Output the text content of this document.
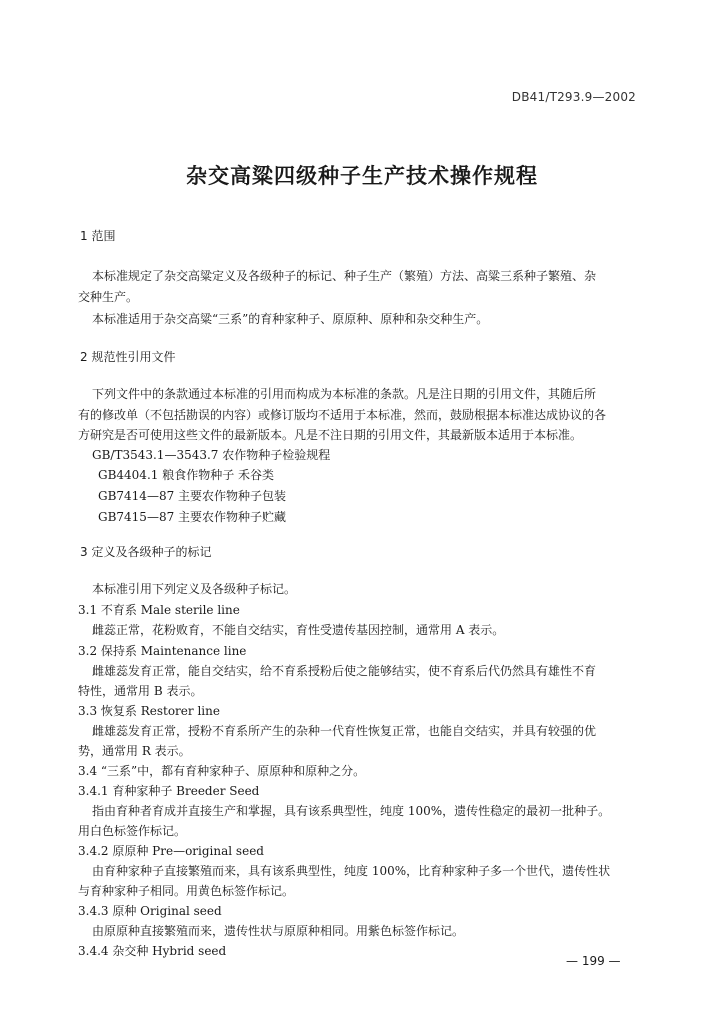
DB41/T293.9—2002
杂交高粱四级种子生产技术操作规程
1 范围
本标准规定了杂交高粱定义及各级种子的标记、种子生产（繁殖）方法、高粱三系种子繁殖、杂
交种生产。
本标准适用于杂交高粱“三系”的育种家种子、原原种、原种和杂交种生产。
2 规范性引用文件
下列文件中的条款通过本标准的引用而构成为本标准的条款。凡是注日期的引用文件，其随后所
有的修改单（不包括勘误的内容）或修订版均不适用于本标准，然而，鼓励根据本标准达成协议的各
方研究是否可使用这些文件的最新版本。凡是不注日期的引用文件，其最新版本适用于本标准。
GB/T3543.1—3543.7 农作物种子检验规程
GB4404.1 粮食作物种子 禾谷类
GB7414—87 主要农作物种子包装
GB7415—87 主要农作物种子贮藏
3 定义及各级种子的标记
本标准引用下列定义及各级种子标记。
3.1 不育系 Male sterile line
雌蕊正常，花粉败育，不能自交结实，育性受遗传基因控制，通常用 A 表示。
3.2 保持系 Maintenance line
雌雄蕊发育正常，能自交结实，给不育系授粉后使之能够结实，使不育系后代仍然具有雄性不育
特性，通常用 B 表示。
3.3 恢复系 Restorer line
雌雄蕊发育正常，授粉不育系所产生的杂种一代育性恢复正常，也能自交结实，并具有较强的优
势，通常用 R 表示。
3.4 “三系”中，都有育种家种子、原原种和原种之分。
3.4.1 育种家种子 Breeder Seed
指由育种者育成并直接生产和掌握，具有该系典型性，纯度 100%，遗传性稳定的最初一批种子。
用白色标签作标记。
3.4.2 原原种 Pre—original seed
由育种家种子直接繁殖而来，具有该系典型性，纯度 100%，比育种家种子多一个世代，遗传性状
与育种家种子相同。用黄色标签作标记。
3.4.3 原种 Original seed
由原原种直接繁殖而来，遗传性状与原原种相同。用紫色标签作标记。
3.4.4 杂交种 Hybrid seed
— 199 —
